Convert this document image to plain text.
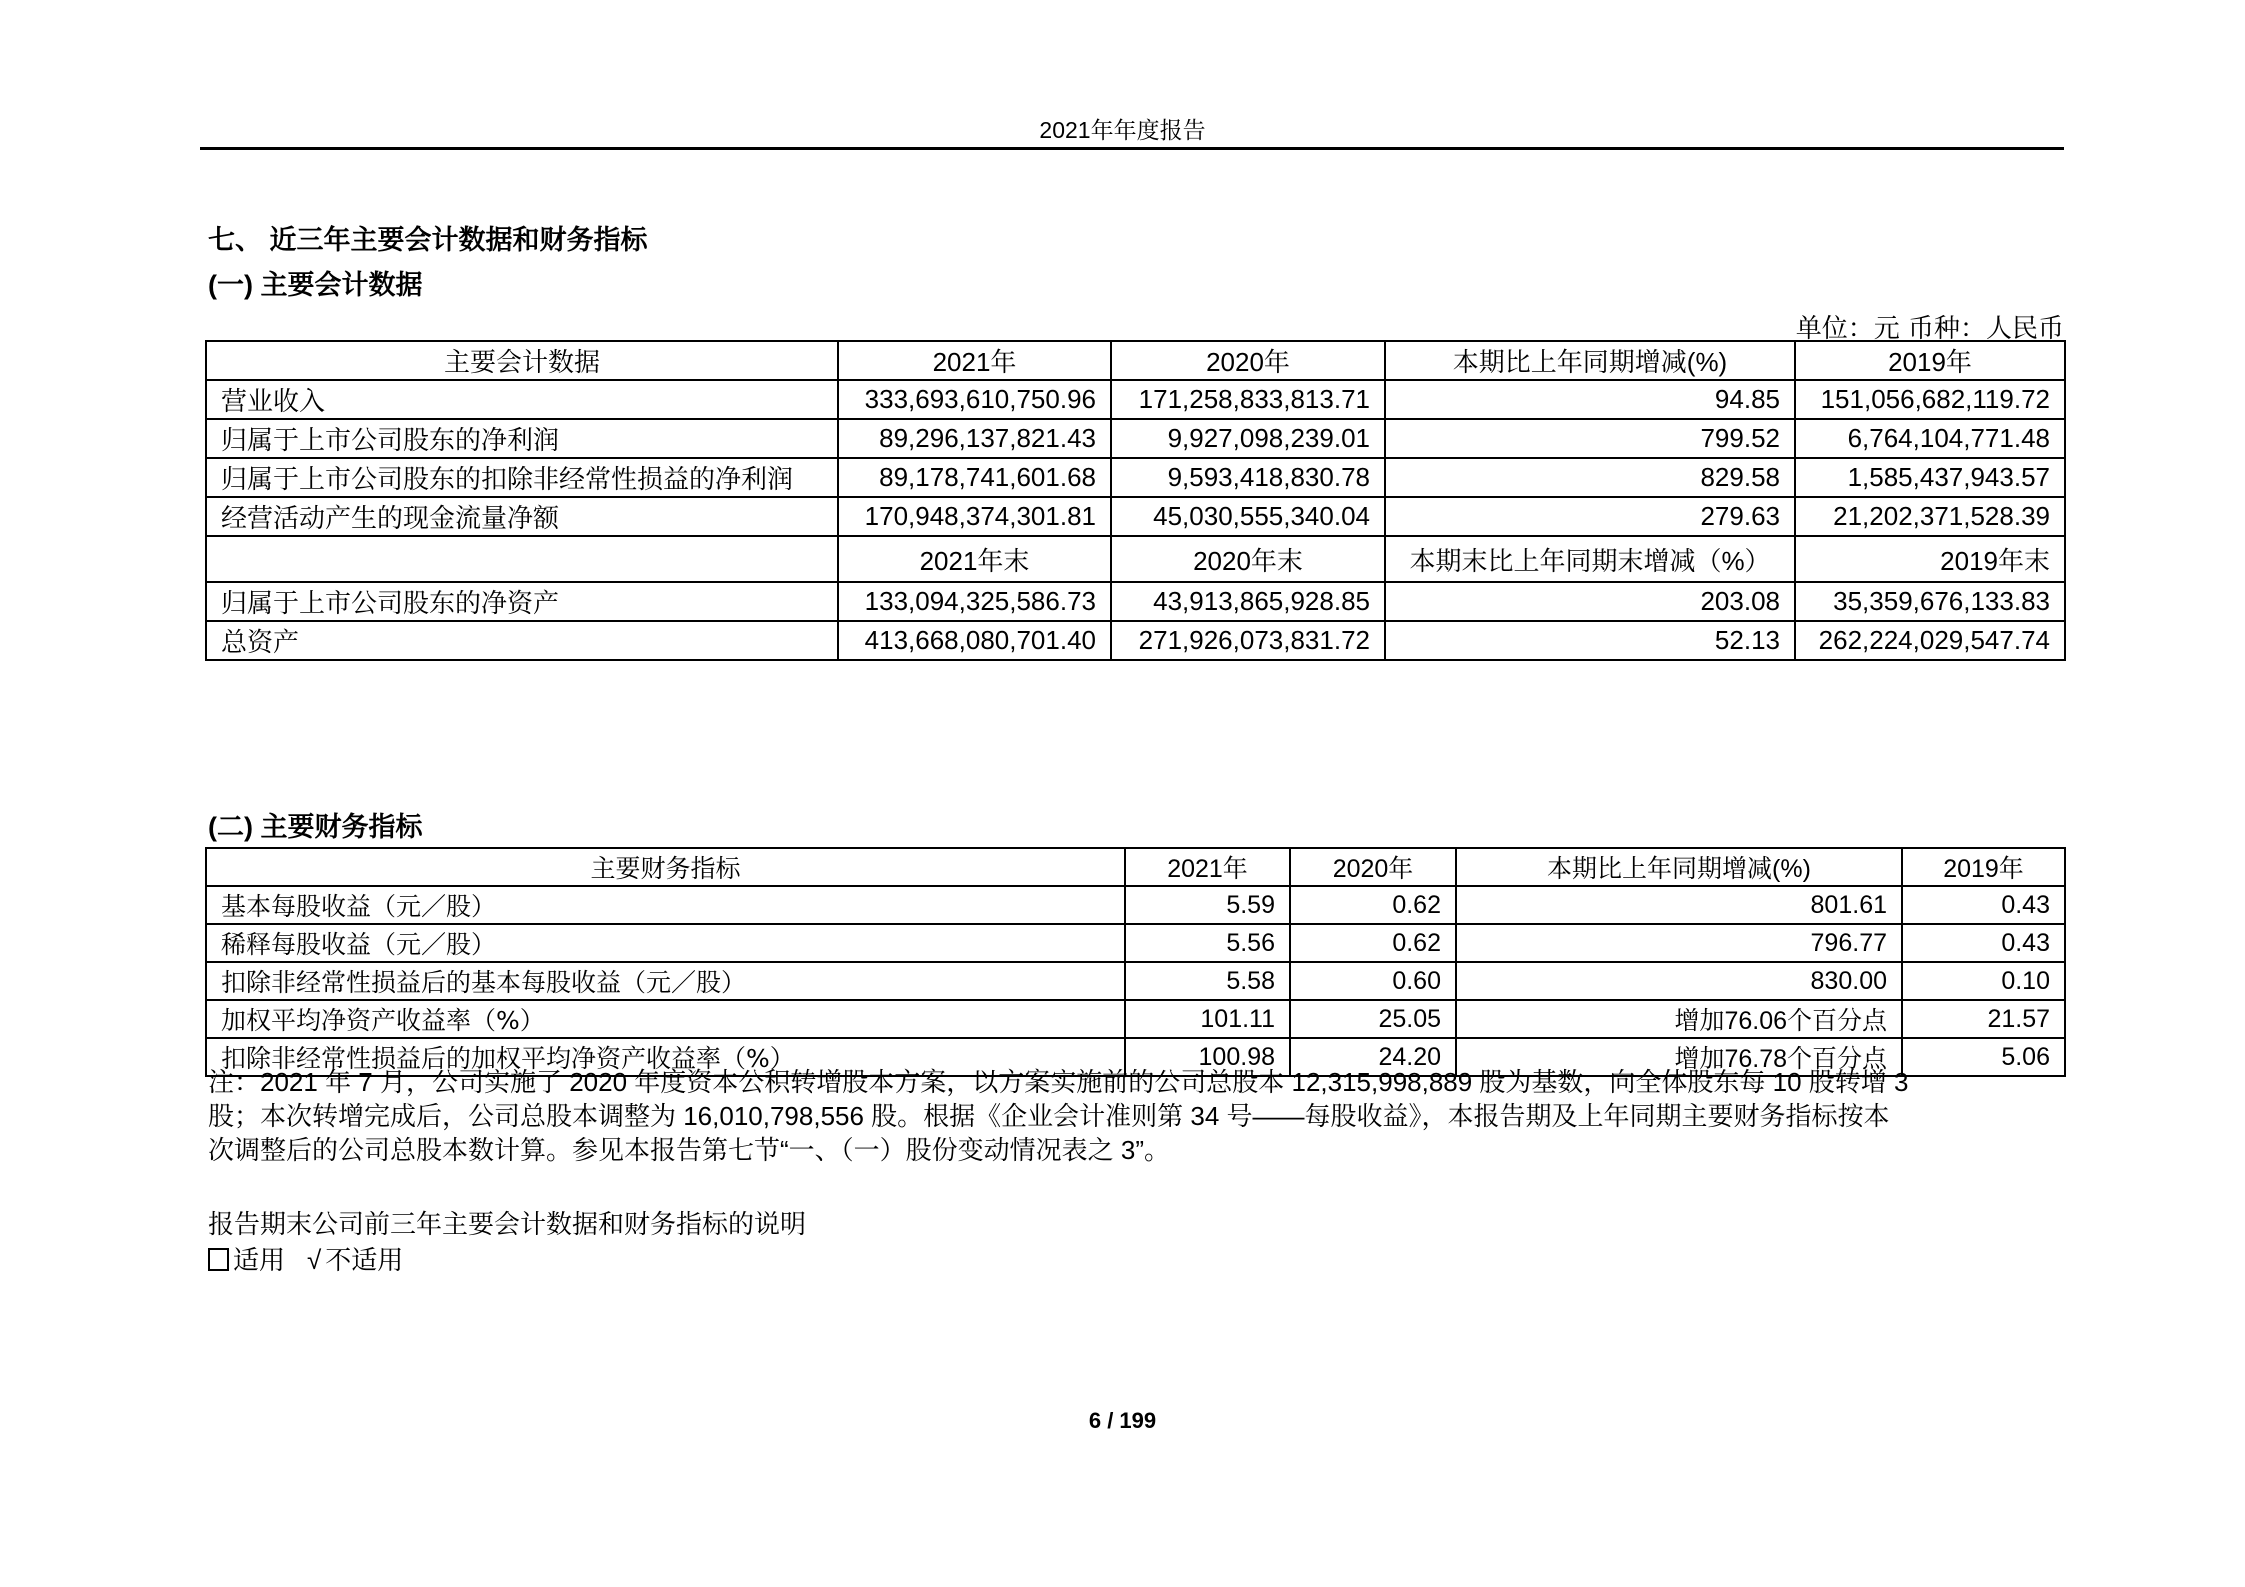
2021年年度报告
七、 近三年主要会计数据和财务指标
(一) 主要会计数据
单位：元 币种：人民币
主要会计数据	2021年	2020年	本期比上年同期增减(%)	2019年
营业收入	333,693,610,750.96	171,258,833,813.71	94.85	151,056,682,119.72
归属于上市公司股东的净利润	89,296,137,821.43	9,927,098,239.01	799.52	6,764,104,771.48
归属于上市公司股东的扣除非经常性损益的净利润	89,178,741,601.68	9,593,418,830.78	829.58	1,585,437,943.57
经营活动产生的现金流量净额	170,948,374,301.81	45,030,555,340.04	279.63	21,202,371,528.39
	2021年末	2020年末	本期末比上年同期末增减（%）	2019年末
归属于上市公司股东的净资产	133,094,325,586.73	43,913,865,928.85	203.08	35,359,676,133.83
总资产	413,668,080,701.40	271,926,073,831.72	52.13	262,224,029,547.74
(二) 主要财务指标
主要财务指标	2021年	2020年	本期比上年同期增减(%)	2019年
基本每股收益（元／股）	5.59	0.62	801.61	0.43
稀释每股收益（元／股）	5.56	0.62	796.77	0.43
扣除非经常性损益后的基本每股收益（元／股）	5.58	0.60	830.00	0.10
加权平均净资产收益率（%）	101.11	25.05	增加76.06个百分点	21.57
扣除非经常性损益后的加权平均净资产收益率（%）	100.98	24.20	增加76.78个百分点	5.06
注：2021 年 7 月，公司实施了 2020 年度资本公积转增股本方案，以方案实施前的公司总股本 12,315,998,889 股为基数，向全体股东每 10 股转增 3
股；本次转增完成后，公司总股本调整为 16,010,798,556 股。根据《企业会计准则第 34 号——每股收益》，本报告期及上年同期主要财务指标按本
次调整后的公司总股本数计算。参见本报告第七节“一、（一）股份变动情况表之 3”。
报告期末公司前三年主要会计数据和财务指标的说明
适用 √ 不适用
6 / 199
